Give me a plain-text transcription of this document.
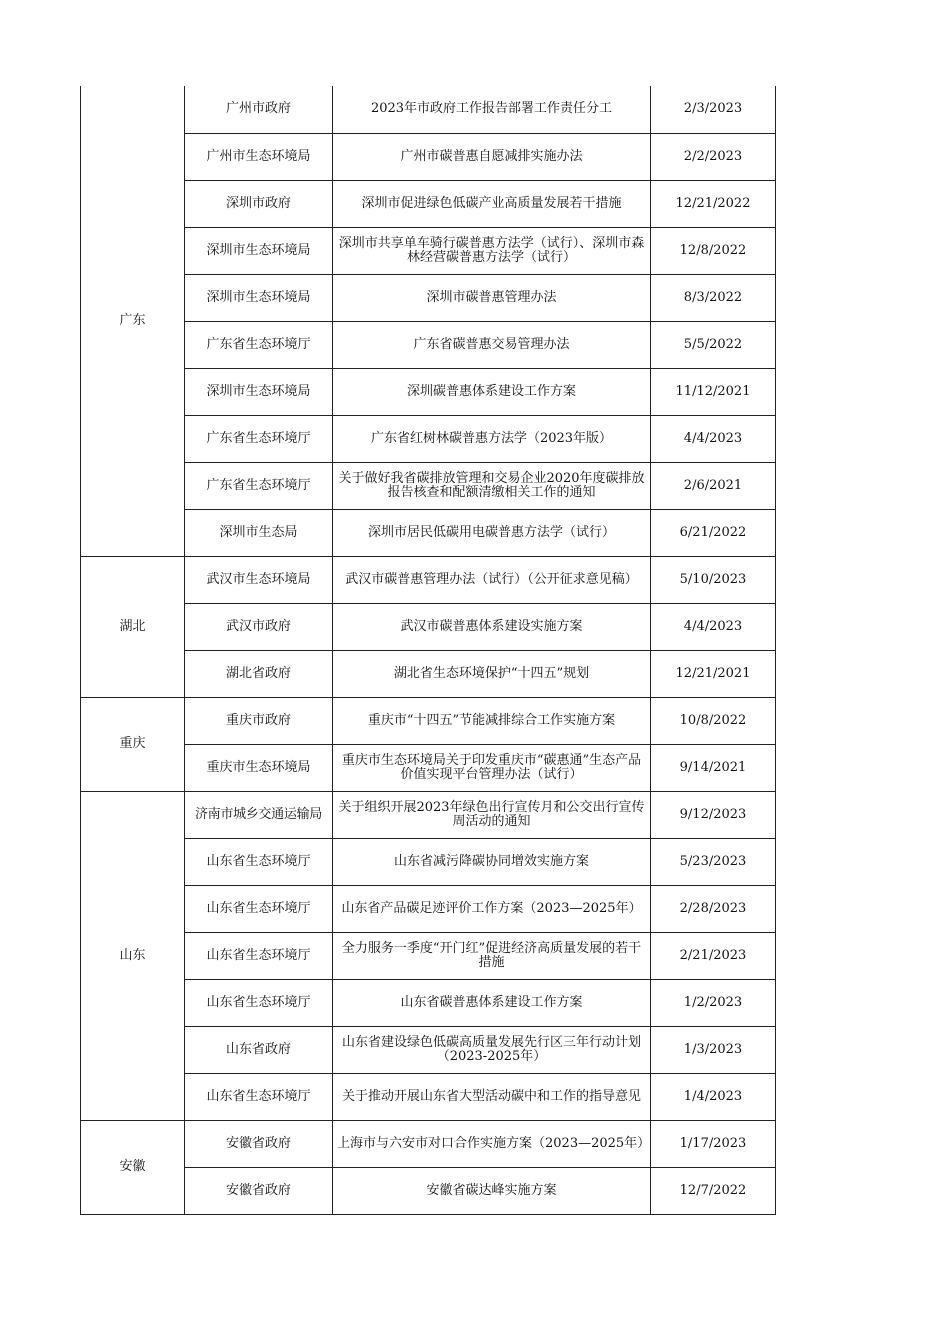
广东	广州市政府	2023年市政府工作报告部署工作责任分工	2/3/2023
	广州市生态环境局	广州市碳普惠自愿减排实施办法	2/2/2023
	深圳市政府	深圳市促进绿色低碳产业高质量发展若干措施	12/21/2022
	深圳市生态环境局	深圳市共享单车骑行碳普惠方法学（试行）、深圳市森林经营碳普惠方法学（试行）	12/8/2022
	深圳市生态环境局	深圳市碳普惠管理办法	8/3/2022
	广东省生态环境厅	广东省碳普惠交易管理办法	5/5/2022
	深圳市生态环境局	深圳碳普惠体系建设工作方案	11/12/2021
	广东省生态环境厅	广东省红树林碳普惠方法学（2023年版）	4/4/2023
	广东省生态环境厅	关于做好我省碳排放管理和交易企业2020年度碳排放报告核查和配额清缴相关工作的通知	2/6/2021
	深圳市生态局	深圳市居民低碳用电碳普惠方法学（试行）	6/21/2022
湖北	武汉市生态环境局	武汉市碳普惠管理办法（试行）（公开征求意见稿）	5/10/2023
	武汉市政府	武汉市碳普惠体系建设实施方案	4/4/2023
	湖北省政府	湖北省生态环境保护“十四五”规划	12/21/2021
重庆	重庆市政府	重庆市“十四五”节能减排综合工作实施方案	10/8/2022
	重庆市生态环境局	重庆市生态环境局关于印发重庆市“碳惠通”生态产品价值实现平台管理办法（试行）	9/14/2021
山东	济南市城乡交通运输局	关于组织开展2023年绿色出行宣传月和公交出行宣传周活动的通知	9/12/2023
	山东省生态环境厅	山东省减污降碳协同增效实施方案	5/23/2023
	山东省生态环境厅	山东省产品碳足迹评价工作方案（2023—2025年）	2/28/2023
	山东省生态环境厅	全力服务一季度“开门红”促进经济高质量发展的若干措施	2/21/2023
	山东省生态环境厅	山东省碳普惠体系建设工作方案	1/2/2023
	山东省政府	山东省建设绿色低碳高质量发展先行区三年行动计划（2023-2025年）	1/3/2023
	山东省生态环境厅	关于推动开展山东省大型活动碳中和工作的指导意见	1/4/2023
安徽	安徽省政府	上海市与六安市对口合作实施方案（2023—2025年）	1/17/2023
	安徽省政府	安徽省碳达峰实施方案	12/7/2022
